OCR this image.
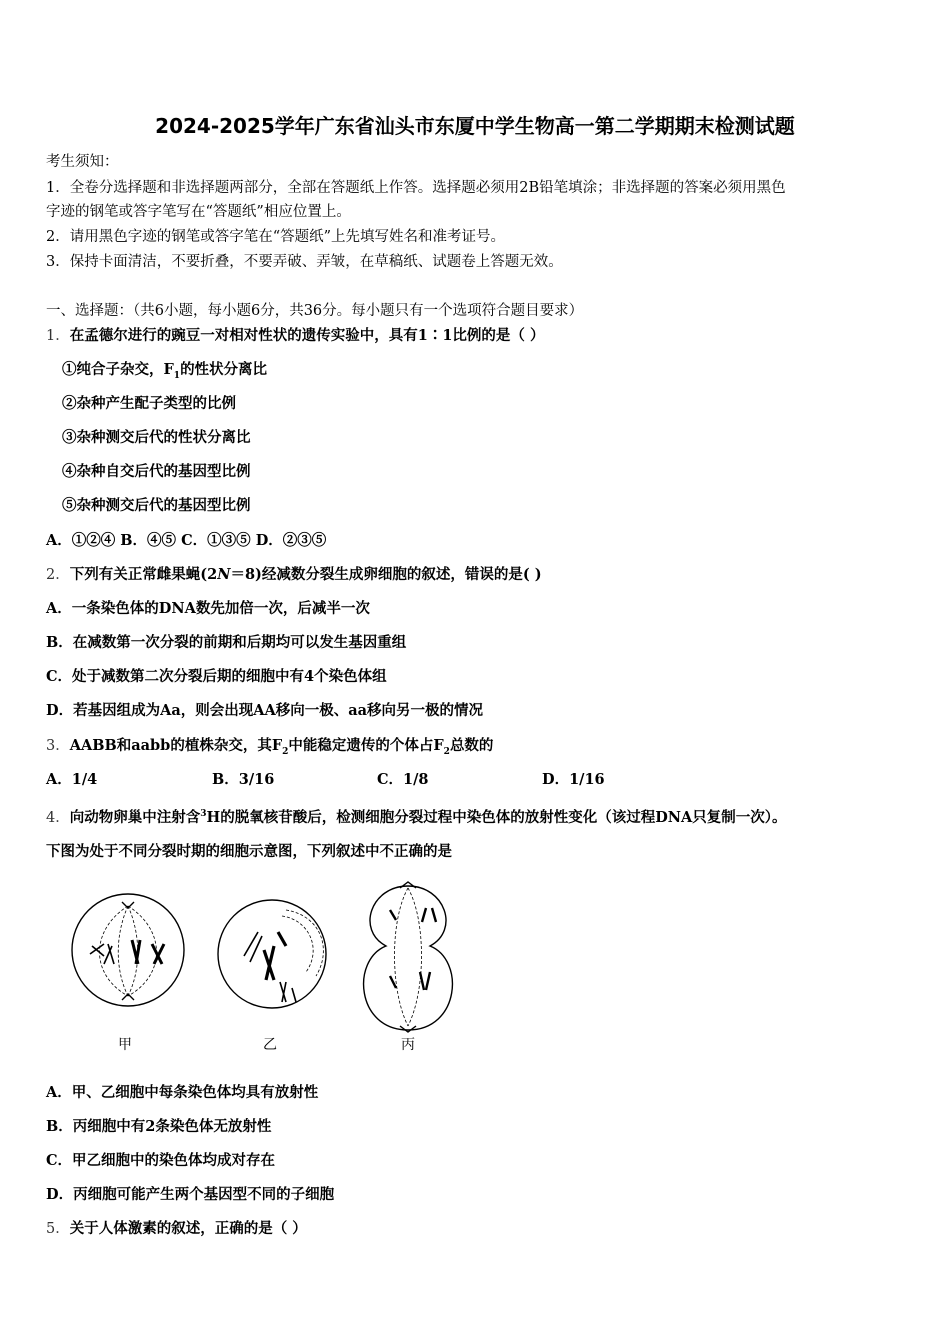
2024-2025学年广东省汕头市东厦中学生物高一第二学期期末检测试题
考生须知：
1．全卷分选择题和非选择题两部分，全部在答题纸上作答。选择题必须用2B铅笔填涂；非选择题的答案必须用黑色
字迹的钢笔或答字笔写在“答题纸”相应位置上。
2．请用黑色字迹的钢笔或答字笔在“答题纸”上先填写姓名和准考证号。
3．保持卡面清洁，不要折叠，不要弄破、弄皱，在草稿纸、试题卷上答题无效。
一、选择题：（共6小题，每小题6分，共36分。每小题只有一个选项符合题目要求）
1．在孟德尔进行的豌豆一对相对性状的遗传实验中，具有1∶1比例的是（ ）
①纯合子杂交，$F_1$的性状分离比
②杂种产生配子类型的比例
③杂种测交后代的性状分离比
④杂种自交后代的基因型比例
⑤杂种测交后代的基因型比例
A．①②④ B．④⑤ C．①③⑤ D．②③⑤
2．下列有关正常雌果蝇(2N＝8)经减数分裂生成卵细胞的叙述，错误的是( )
A．一条染色体的DNA数先加倍一次，后减半一次
B．在减数第一次分裂的前期和后期均可以发生基因重组
C．处于减数第二次分裂后期的细胞中有4个染色体组
D．若基因组成为Aa，则会出现AA移向一极、aa移向另一极的情况
3．AABB和aabb的植株杂交，其$F_2$中能稳定遗传的个体占$F_2$总数的
A．1/4	B．3/16	C．1/8	D．1/16
4．向动物卵巢中注射含$^3$H的脱氧核苷酸后，检测细胞分裂过程中染色体的放射性变化（该过程DNA只复制一次）。
下图为处于不同分裂时期的细胞示意图，下列叙述中不正确的是
甲	乙	丙
A．甲、乙细胞中每条染色体均具有放射性
B．丙细胞中有2条染色体无放射性
C．甲乙细胞中的染色体均成对存在
D．丙细胞可能产生两个基因型不同的子细胞
5．关于人体激素的叙述，正确的是（ ）
